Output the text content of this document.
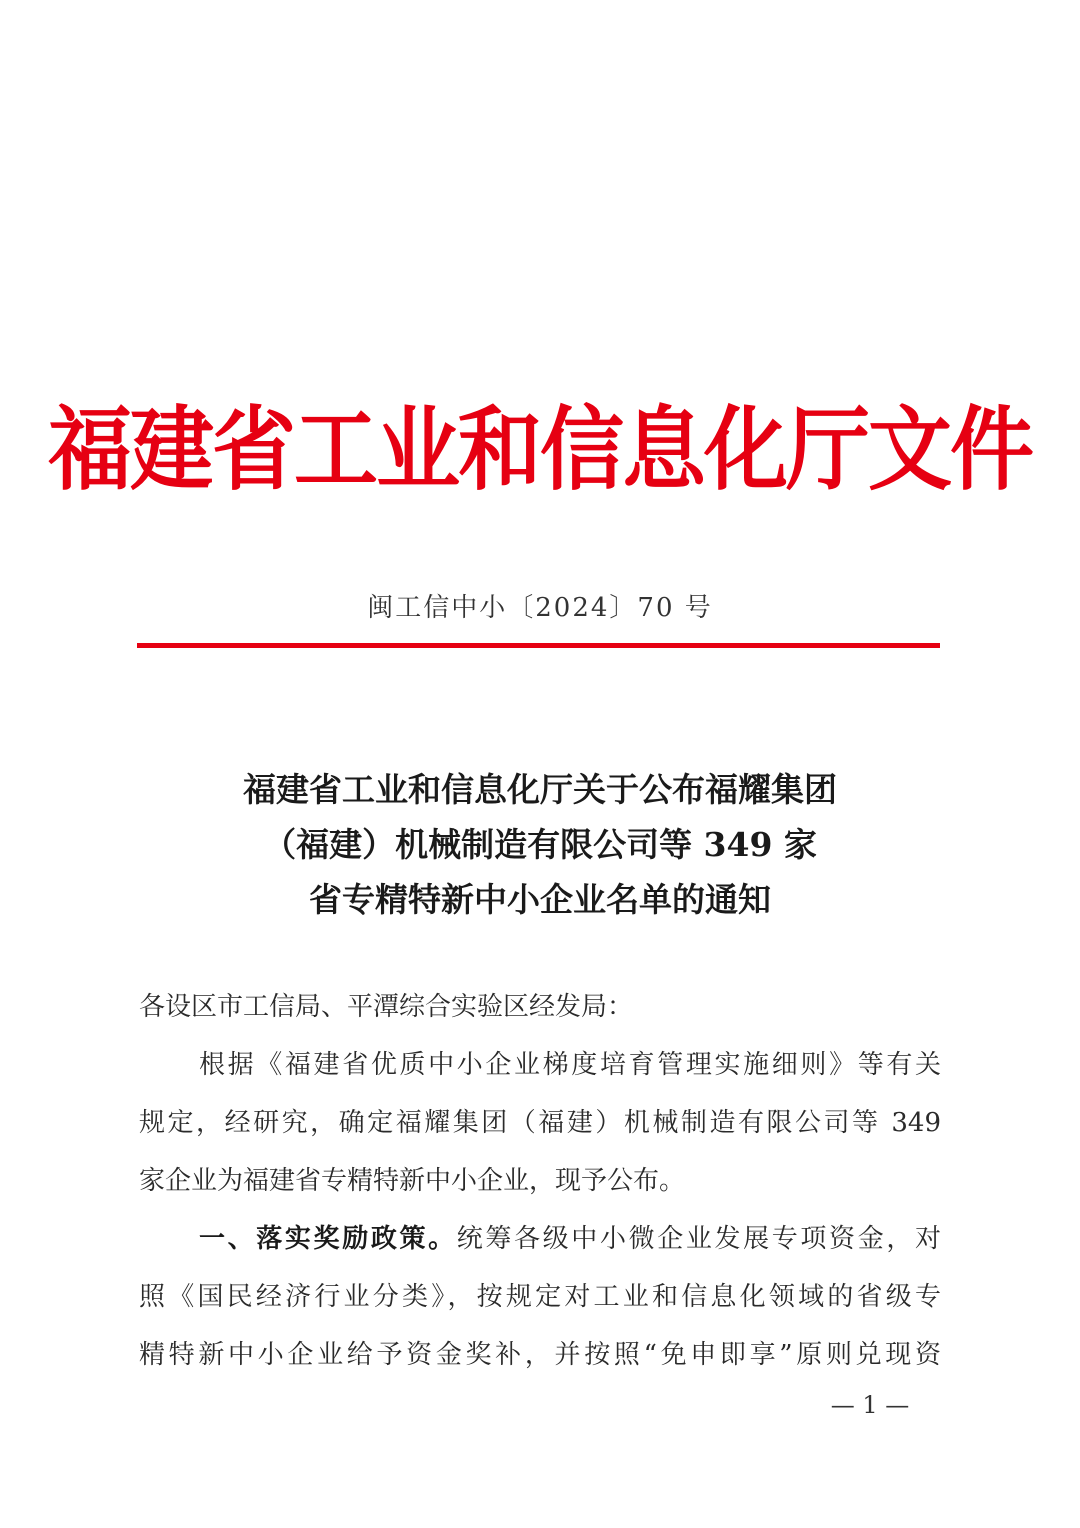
福建省工业和信息化厅文件
闽工信中小〔2024〕70 号
福建省工业和信息化厅关于公布福耀集团
（福建）机械制造有限公司等 349 家
省专精特新中小企业名单的通知
各设区市工信局、平潭综合实验区经发局：
根据《福建省优质中小企业梯度培育管理实施细则》等有关
规定，经研究，确定福耀集团（福建）机械制造有限公司等 349
家企业为福建省专精特新中小企业，现予公布。
一、落实奖励政策。统筹各级中小微企业发展专项资金，对
照《国民经济行业分类》，按规定对工业和信息化领域的省级专
精特新中小企业给予资金奖补，并按照“免申即享”原则兑现资
— 1 —
